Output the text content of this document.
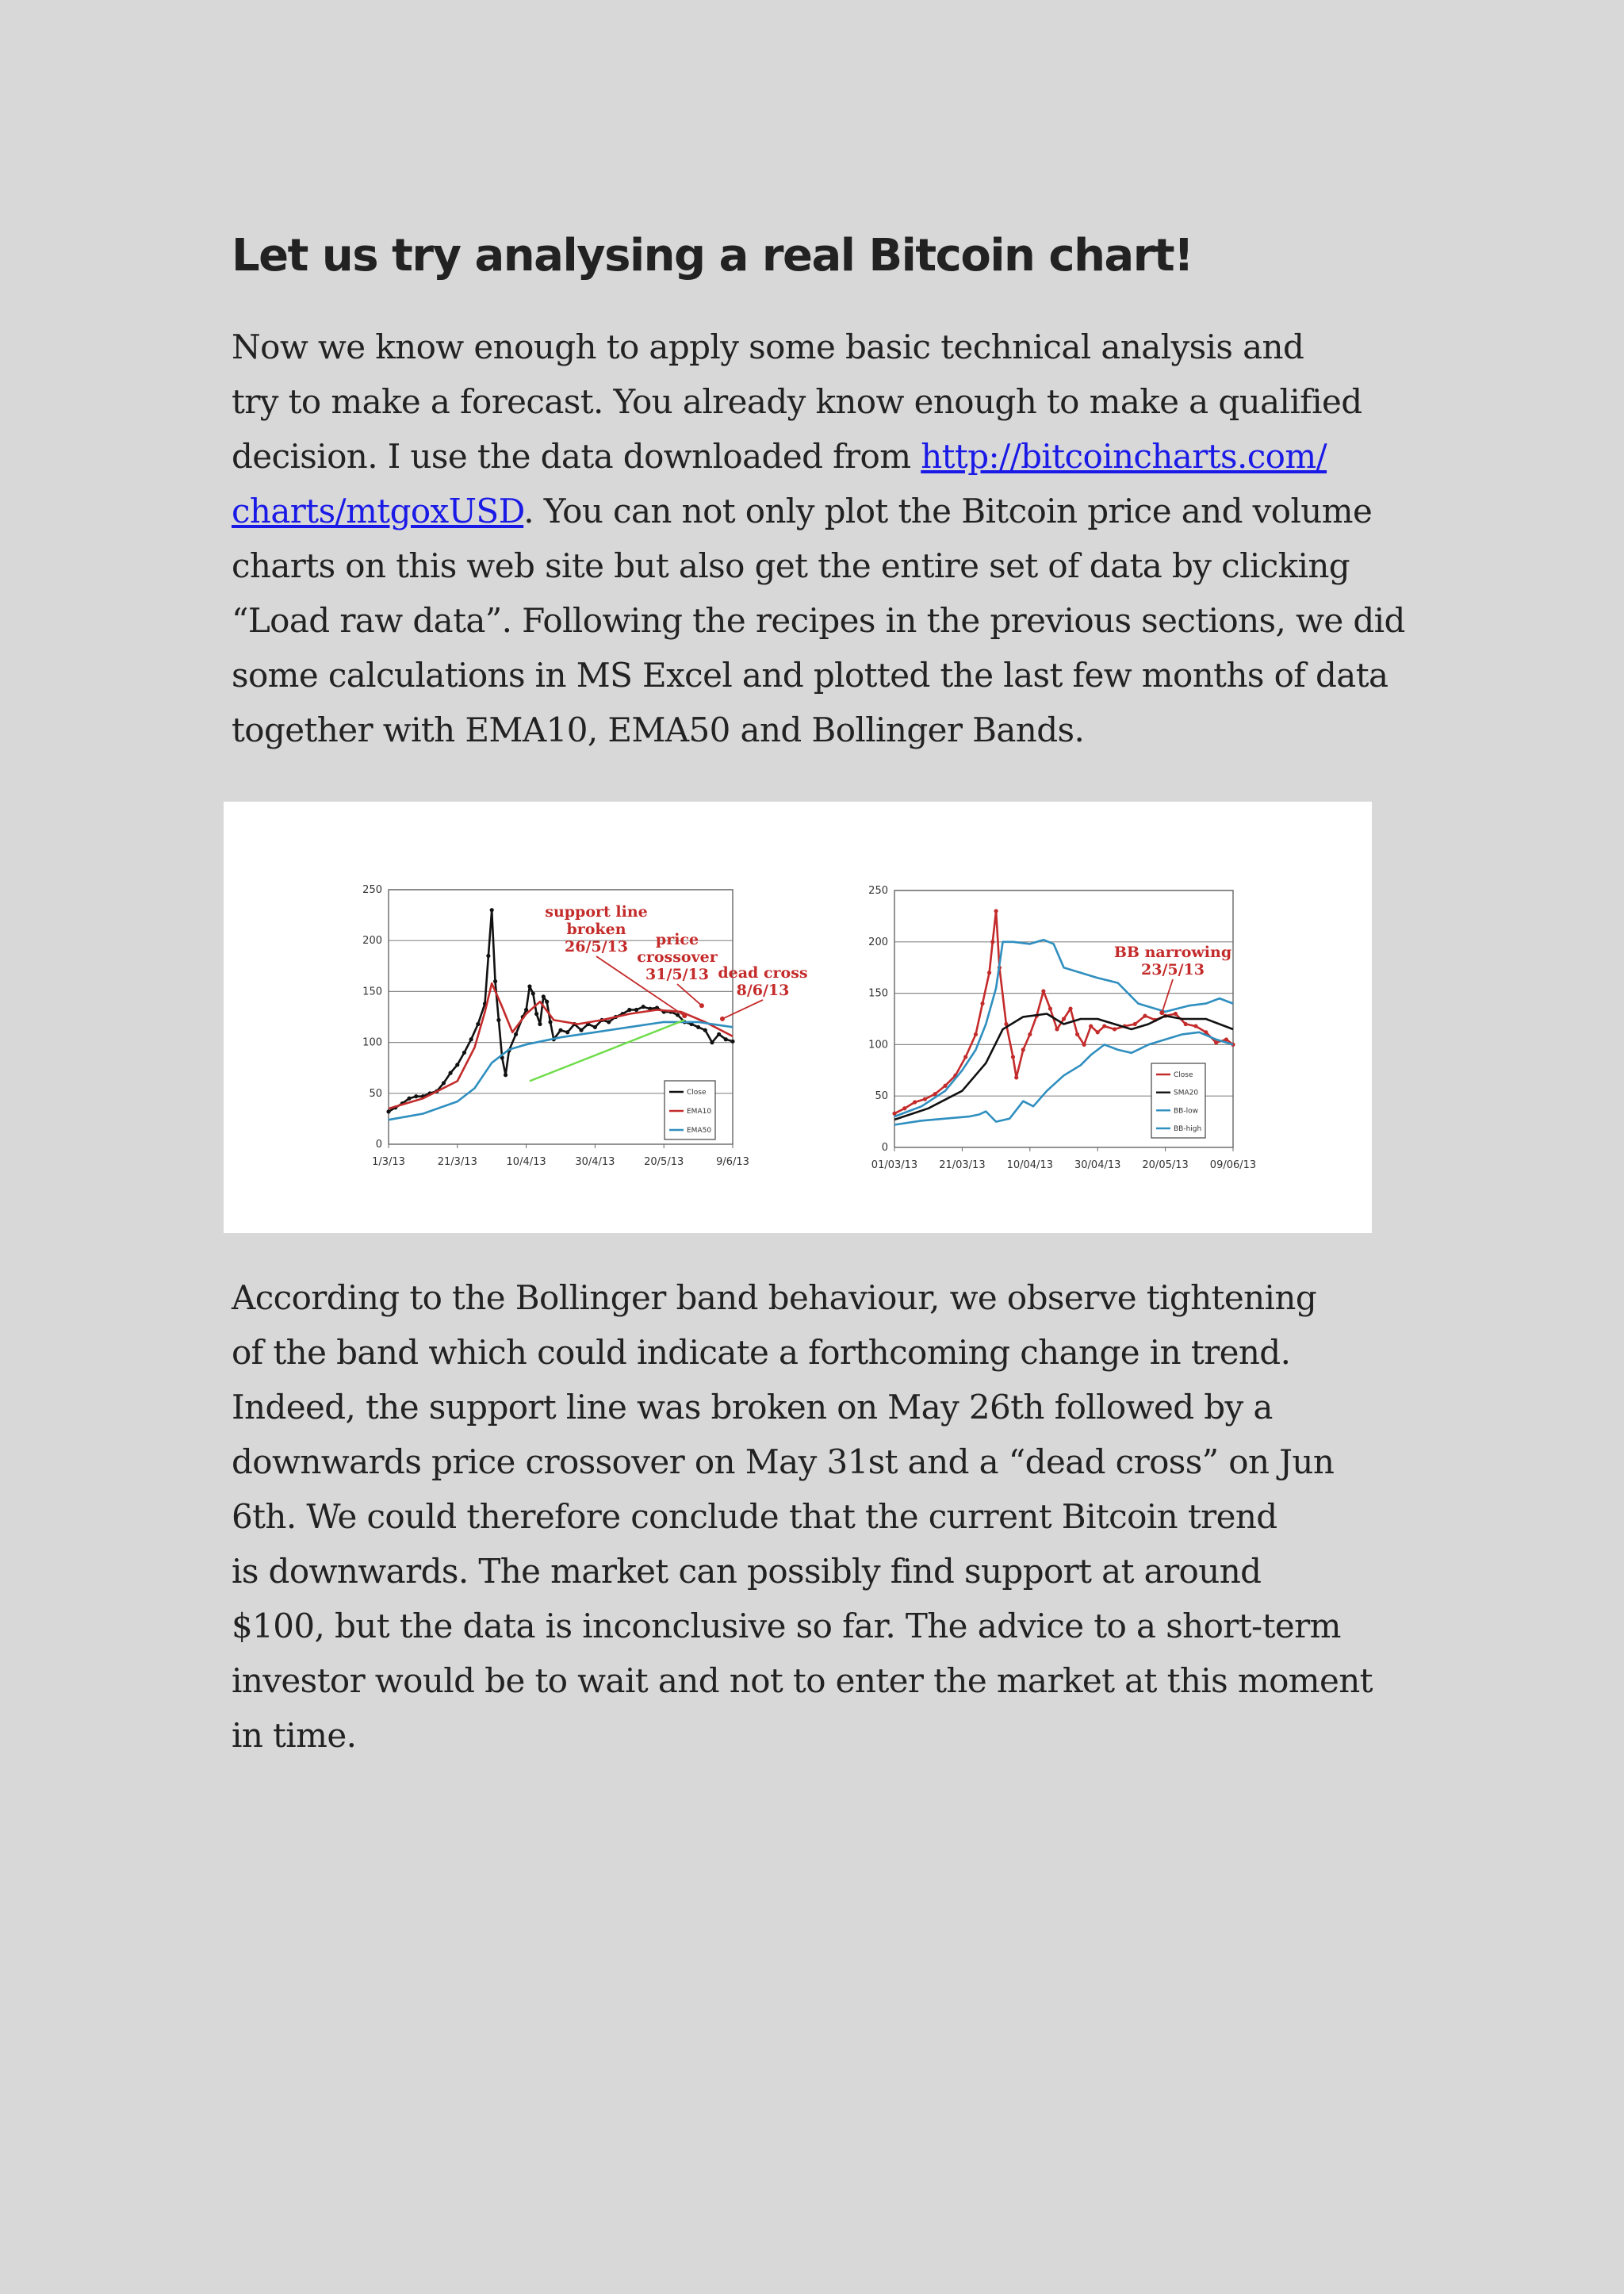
Let us try analysing a real Bitcoin chart!

Now we know enough to apply some basic technical analysis and
try to make a forecast. You already know enough to make a qualified
decision. I use the data downloaded from http://bitcoincharts.com/
charts/mtgoxUSD. You can not only plot the Bitcoin price and volume
charts on this web site but also get the entire set of data by clicking
“Load raw data”. Following the recipes in the previous sections, we did
some calculations in MS Excel and plotted the last few months of data
together with EMA10, EMA50 and Bollinger Bands.

According to the Bollinger band behaviour, we observe tightening
of the band which could indicate a forthcoming change in trend.
Indeed, the support line was broken on May 26th followed by a
downwards price crossover on May 31st and a “dead cross” on Jun
6th. We could therefore conclude that the current Bitcoin trend
is downwards. The market can possibly find support at around
$100, but the data is inconclusive so far. The advice to a short-term
investor would be to wait and not to enter the market at this moment
in time.

0
50
100
150
200
250
1/3/13	21/3/13	10/4/13	30/4/13	20/5/13	9/6/13
support line broken 26/5/13	price crossover 31/5/13 dead cross 8/6/13
Close
EMA10
EMA50
0
50
100
150
200
250
01/03/13 21/03/13 10/04/13 30/04/13 20/05/13 09/06/13
BB narrowing 23/5/13
Close
SMA20
BB-low
BB-high
